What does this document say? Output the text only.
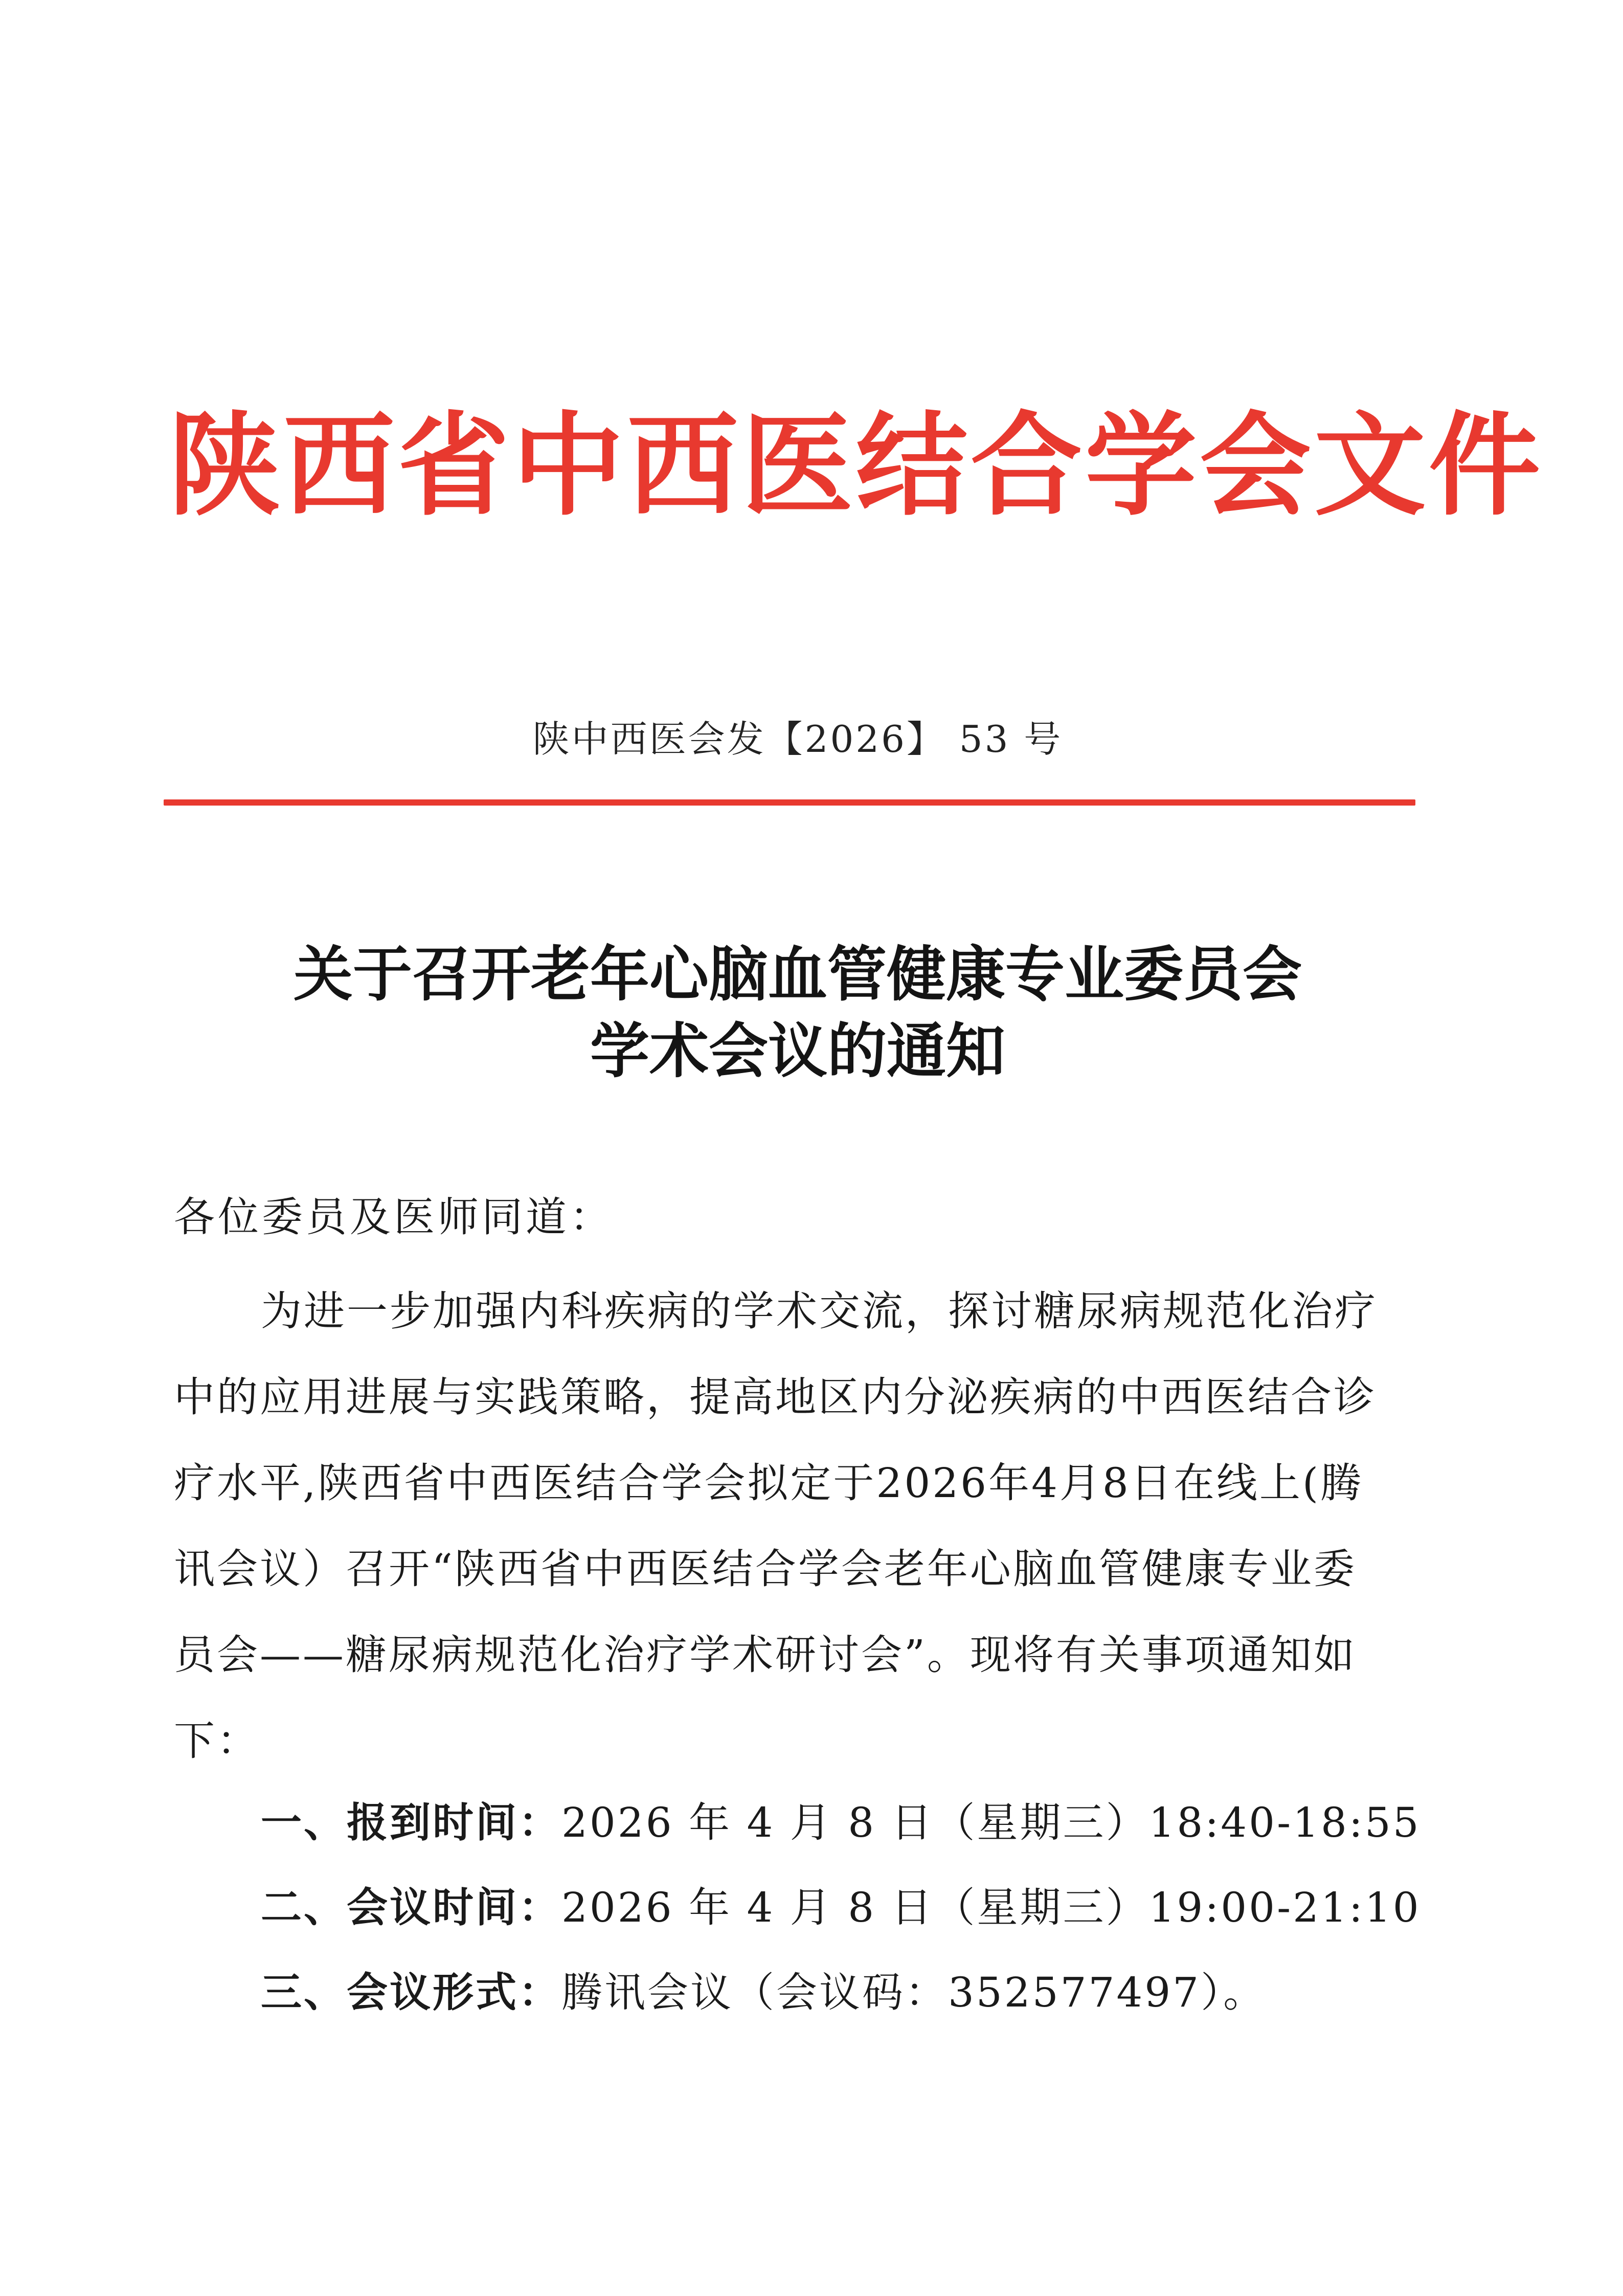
陕西省中西医结合学会文件
陕中西医会发【2026】 53 号
关于召开老年心脑血管健康专业委员会
学术会议的通知
各位委员及医师同道：
为进一步加强内科疾病的学术交流，探讨糖尿病规范化治疗
中的应用进展与实践策略，提高地区内分泌疾病的中西医结合诊
疗水平,陕西省中西医结合学会拟定于2026年4月8日在线上(腾
讯会议）召开“陕西省中西医结合学会老年心脑血管健康专业委
员会——糖尿病规范化治疗学术研讨会”。现将有关事项通知如
下：
一、报到时间：2026 年 4 月 8 日（星期三）18:40-18:55
二、会议时间：2026 年 4 月 8 日（星期三）19:00-21:10
三、会议形式：腾讯会议（会议码：352577497）。
